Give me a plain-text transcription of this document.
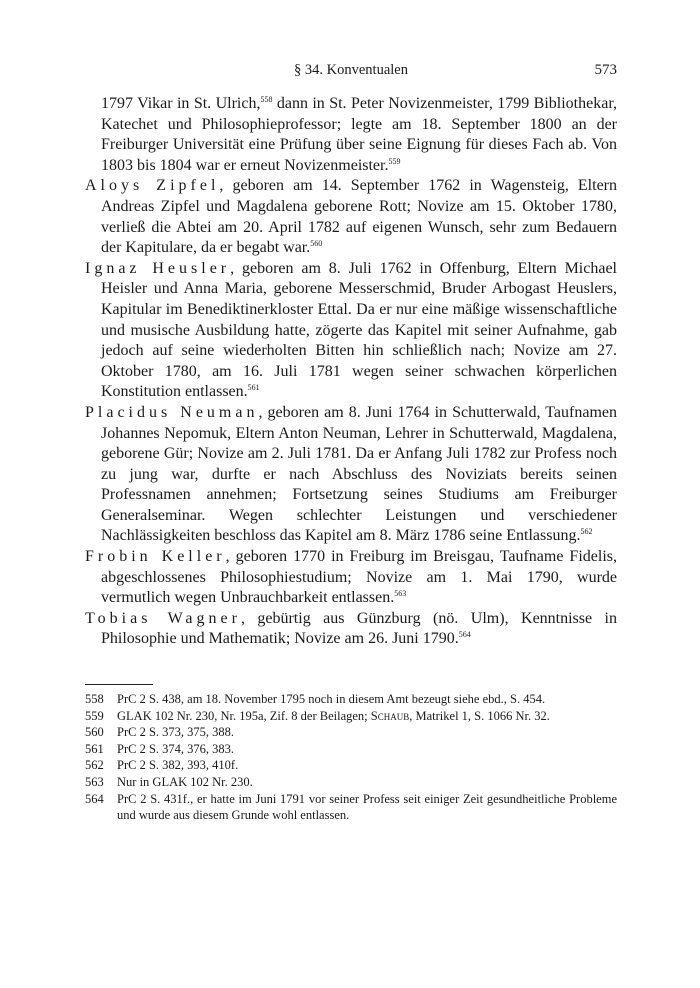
§ 34. Konventualen	573

1797 Vikar in St. Ulrich,$^{558}$ dann in St. Peter Novizenmeister, 1799 Bibliothekar, Katechet und Philosophieprofessor; legte am 18. September 1800 an der Freiburger Universität eine Prüfung über seine Eignung für dieses Fach ab. Von 1803 bis 1804 war er erneut Novizenmeister.$^{559}$

Aloys Zipfel, geboren am 14. September 1762 in Wagensteig, Eltern Andreas Zipfel und Magdalena geborene Rott; Novize am 15. Oktober 1780, verließ die Abtei am 20. April 1782 auf eigenen Wunsch, sehr zum Bedauern der Kapitulare, da er begabt war.$^{560}$

Ignaz Heusler, geboren am 8. Juli 1762 in Offenburg, Eltern Michael Heisler und Anna Maria, geborene Messerschmid, Bruder Arbogast Heuslers, Kapitular im Benediktinerkloster Ettal. Da er nur eine mäßige wissenschaftliche und musische Ausbildung hatte, zögerte das Kapitel mit seiner Aufnahme, gab jedoch auf seine wiederholten Bitten hin schließlich nach; Novize am 27. Oktober 1780, am 16. Juli 1781 wegen seiner schwachen körperlichen Konstitution entlassen.$^{561}$

Placidus Neuman, geboren am 8. Juni 1764 in Schutterwald, Taufnamen Johannes Nepomuk, Eltern Anton Neuman, Lehrer in Schutterwald, Magdalena, geborene Gür; Novize am 2. Juli 1781. Da er Anfang Juli 1782 zur Profess noch zu jung war, durfte er nach Abschluss des Noviziats bereits seinen Professnamen annehmen; Fortsetzung seines Studiums am Freiburger Generalseminar. Wegen schlechter Leistungen und verschiedener Nachlässigkeiten beschloss das Kapitel am 8. März 1786 seine Entlassung.$^{562}$

Frobin Keller, geboren 1770 in Freiburg im Breisgau, Taufname Fidelis, abgeschlossenes Philosophiestudium; Novize am 1. Mai 1790, wurde vermutlich wegen Unbrauchbarkeit entlassen.$^{563}$

Tobias Wagner, gebürtig aus Günzburg (nö. Ulm), Kenntnisse in Philosophie und Mathematik; Novize am 26. Juni 1790.$^{564}$

558 PrC 2 S. 438, am 18. November 1795 noch in diesem Amt bezeugt siehe ebd., S. 454.
559 GLAK 102 Nr. 230, Nr. 195a, Zif. 8 der Beilagen; Schaub, Matrikel 1, S. 1066 Nr. 32.
560 PrC 2 S. 373, 375, 388.
561 PrC 2 S. 374, 376, 383.
562 PrC 2 S. 382, 393, 410f.
563 Nur in GLAK 102 Nr. 230.
564 PrC 2 S. 431f., er hatte im Juni 1791 vor seiner Profess seit einiger Zeit gesundheitliche Probleme und wurde aus diesem Grunde wohl entlassen.
